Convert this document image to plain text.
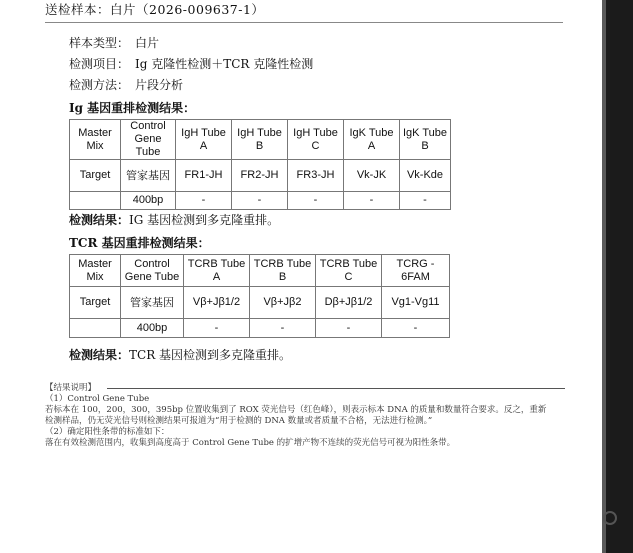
送检样本：白片（2026-009637-1）
样本类型： 白片
检测项目： Ig 克隆性检测＋TCR 克隆性检测
检测方法： 片段分析
Ig 基因重排检测结果：
Master Mix	Control Gene Tube	IgH Tube A	IgH Tube B	IgH Tube C	IgK Tube A	IgK Tube B
Target	管家基因	FR1-JH	FR2-JH	FR3-JH	Vk-JK	Vk-Kde
	400bp	-	-	-	-	-
检测结果：IG 基因检测到多克隆重排。
TCR 基因重排检测结果：
Master Mix	Control Gene Tube	TCRB Tube A	TCRB Tube B	TCRB Tube C	TCRG - 6FAM
Target	管家基因	Vβ+Jβ1/2	Vβ+Jβ2	Dβ+Jβ1/2	Vg1-Vg11
	400bp	-	-	-	-
检测结果：TCR 基因检测到多克隆重排。
【结果说明】
（1）Control Gene Tube
若标本在 100，200，300，395bp 位置收集到了 ROX 荧光信号（红色峰），则表示标本 DNA 的质量和数量符合要求。反之，重新
检测样品，仍无荧光信号则检测结果可报道为“用于检测的 DNA 数量或者质量不合格，无法进行检测。”
（2）确定阳性条带的标准如下：
落在有效检测范围内，收集到高度高于 Control Gene Tube 的扩增产物不连续的荧光信号可视为阳性条带。
